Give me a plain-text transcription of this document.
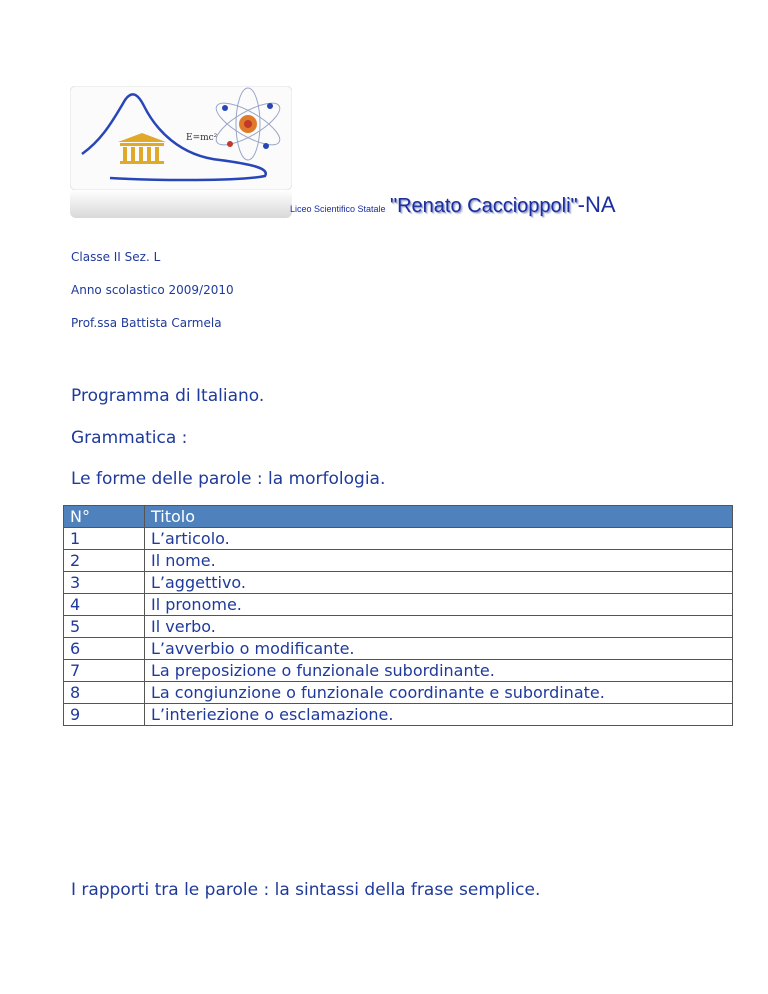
E=mc²
Liceo Scientifico Statale "Renato Caccioppoli"-NA
Classe II Sez. L
Anno scolastico 2009/2010
Prof.ssa Battista Carmela
Programma di Italiano.
Grammatica :
Le forme delle parole : la morfologia.
N°	Titolo
1	L’articolo.
2	Il nome.
3	L’aggettivo.
4	Il pronome.
5	Il verbo.
6	L’avverbio o modificante.
7	La preposizione o funzionale subordinante.
8	La congiunzione o funzionale coordinante e subordinate.
9	L’interiezione o esclamazione.
I rapporti tra le parole : la sintassi della frase semplice.
